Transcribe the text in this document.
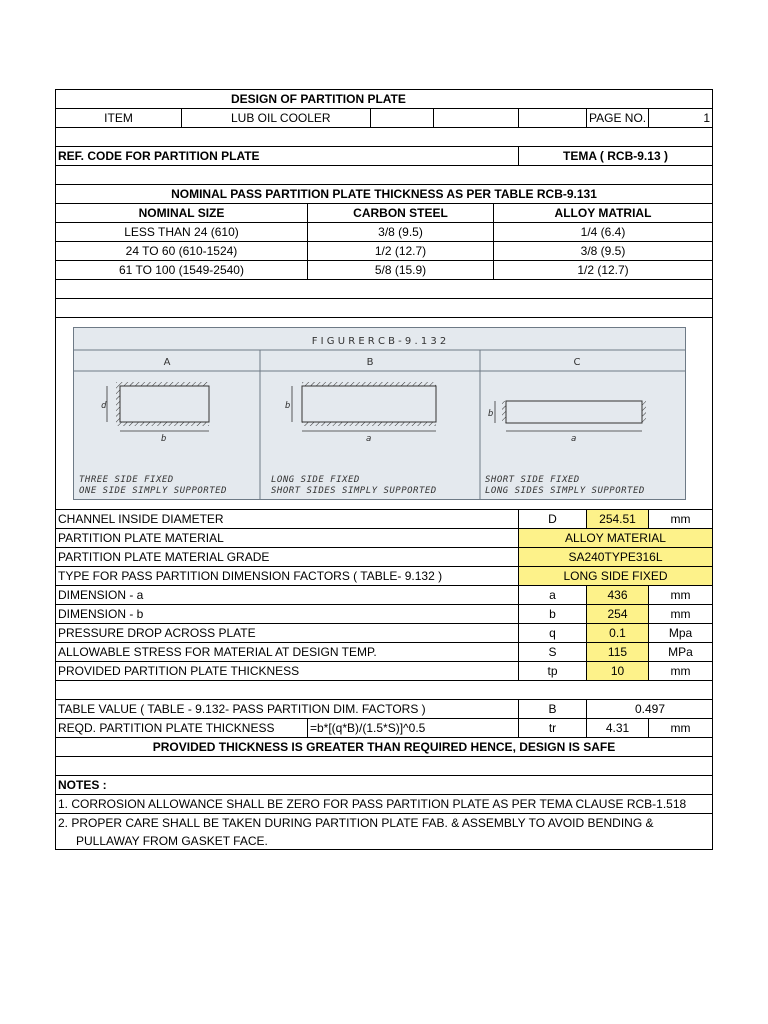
DESIGN OF PARTITION PLATE
ITEM	LUB OIL COOLER	PAGE NO.	1
REF. CODE FOR PARTITION PLATE	TEMA ( RCB-9.13 )
NOMINAL PASS PARTITION PLATE THICKNESS AS PER TABLE RCB-9.131
NOMINAL SIZE	CARBON STEEL	ALLOY MATRIAL
LESS THAN 24 (610)	3/8 (9.5)	1/4 (6.4)
24 TO 60 (610-1524)	1/2 (12.7)	3/8 (9.5)
61 TO 100 (1549-2540)	5/8 (15.9)	1/2 (12.7)
F I G U R E R C B - 9 . 1 3 2
A	B	C
d
b
b
a
b
a
THREE SIDE FIXED
ONE SIDE SIMPLY SUPPORTED
LONG SIDE FIXED
SHORT SIDES SIMPLY SUPPORTED
SHORT SIDE FIXED
LONG SIDES SIMPLY SUPPORTED
CHANNEL INSIDE DIAMETER	D	254.51	mm
PARTITION PLATE MATERIAL	ALLOY MATERIAL
PARTITION PLATE MATERIAL GRADE	SA240TYPE316L
TYPE FOR PASS PARTITION DIMENSION FACTORS ( TABLE- 9.132 )	LONG SIDE FIXED
DIMENSION - a	a	436	mm
DIMENSION - b	b	254	mm
PRESSURE DROP ACROSS PLATE	q	0.1	Mpa
ALLOWABLE STRESS FOR MATERIAL AT DESIGN TEMP.	S	115	MPa
PROVIDED PARTITION PLATE THICKNESS	tp	10	mm
TABLE VALUE ( TABLE - 9.132- PASS PARTITION DIM. FACTORS )	B	0.497
REQD. PARTITION PLATE THICKNESS	=b*[(q*B)/(1.5*S)]^0.5	tr	4.31	mm
PROVIDED THICKNESS IS GREATER THAN REQUIRED HENCE, DESIGN IS SAFE
NOTES :
1. CORROSION ALLOWANCE SHALL BE ZERO FOR PASS PARTITION PLATE AS PER TEMA CLAUSE RCB-1.518
2. PROPER CARE SHALL BE TAKEN DURING PARTITION PLATE FAB. & ASSEMBLY TO AVOID BENDING &
PULLAWAY FROM GASKET FACE.
